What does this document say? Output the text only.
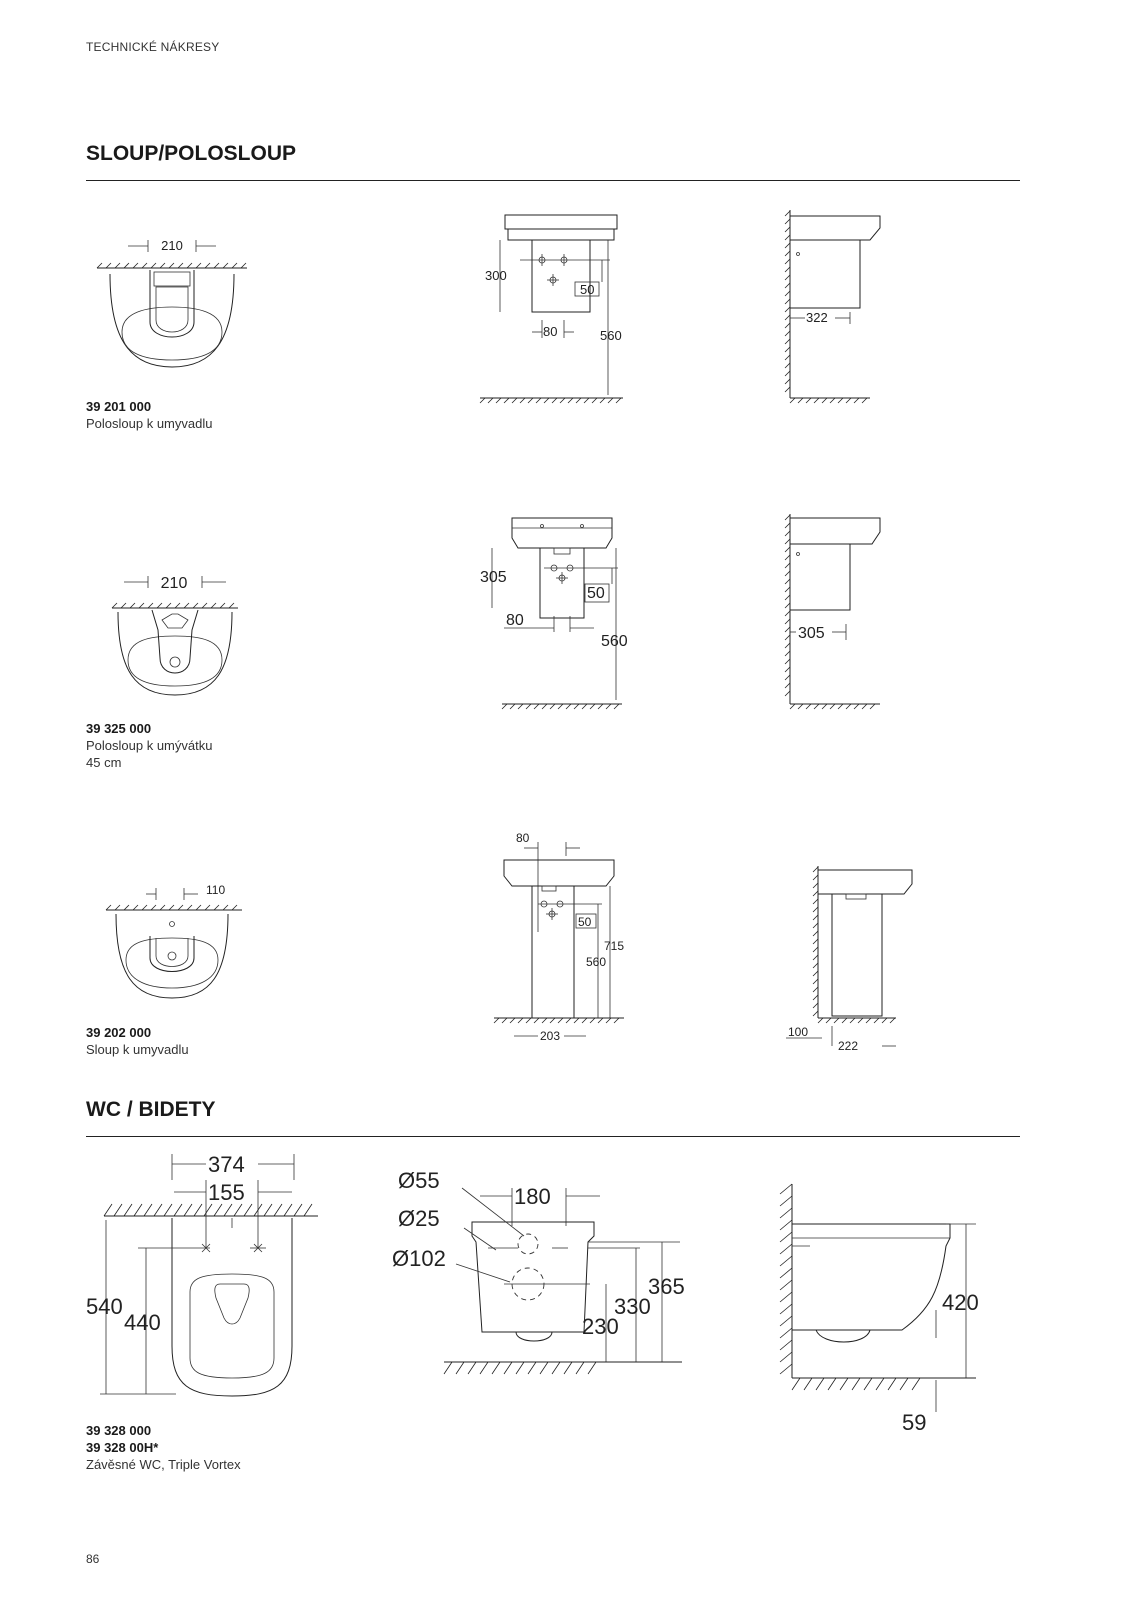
TECHNICKÉ NÁKRESY
SLOUP/POLOSLOUP
210
39 201 000
Polosloup k umyvadlu
300
50
80	560
322
210
39 325 000
Polosloup k umývátku
45 cm
305
50
80
560	305
110
39 202 000
Sloup k umyvadlu
80
50
715
560
203	100
222
WC / BIDETY
374
155
540
440
39 328 000
39 328 00H*
Závěsné WC, Triple Vortex
Ø55
Ø25
Ø102
180
365
330
230
420
59
86
